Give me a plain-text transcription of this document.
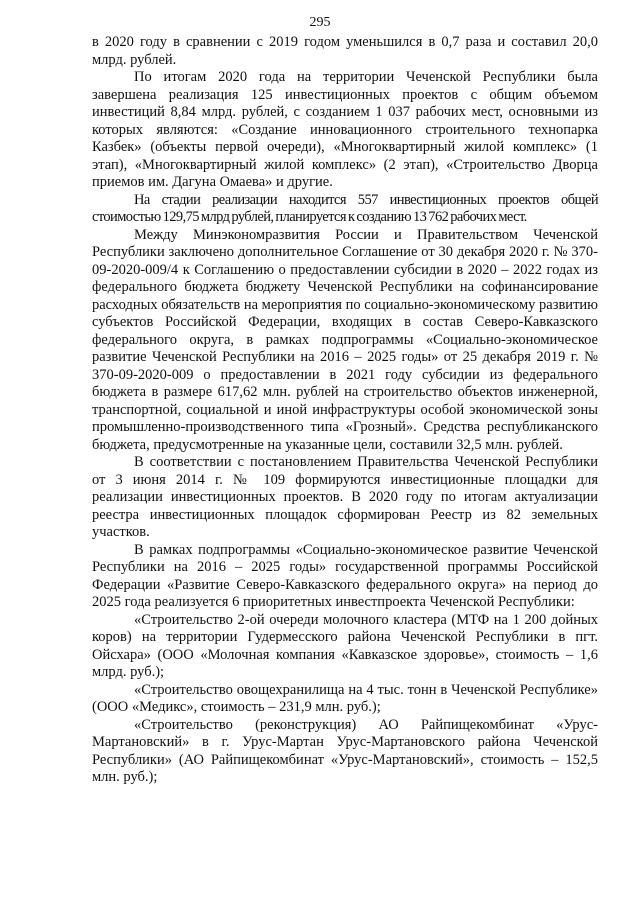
295

в 2020 году в сравнении с 2019 годом уменьшился в 0,7 раза и составил 20,0 млрд. рублей.

По итогам 2020 года на территории Чеченской Республики была завершена реализация 125 инвестиционных проектов с общим объемом инвестиций 8,84 млрд. рублей, с созданием 1 037 рабочих мест, основными из которых являются: «Создание инновационного строительного технопарка Казбек» (объекты первой очереди), «Многоквартирный жилой комплекс» (1 этап), «Многоквартирный жилой комплекс» (2 этап), «Строительство Дворца приемов им. Дагуна Омаева» и другие.

На стадии реализации находится 557 инвестиционных проектов общей стоимостью 129,75 млрд рублей, планируется к созданию 13 762 рабочих мест.

Между Минэкономразвития России и Правительством Чеченской Республики заключено дополнительное Соглашение от 30 декабря 2020 г. № 370-09-2020-009/4 к Соглашению о предоставлении субсидии в 2020 – 2022 годах из федерального бюджета бюджету Чеченской Республики на софинансирование расходных обязательств на мероприятия по социально-экономическому развитию субъектов Российской Федерации, входящих в состав Северо-Кавказского федерального округа, в рамках подпрограммы «Социально-экономическое развитие Чеченской Республики на 2016 – 2025 годы» от 25 декабря 2019 г. № 370-09-2020-009 о предоставлении в 2021 году субсидии из федерального бюджета в размере 617,62 млн. рублей на строительство объектов инженерной, транспортной, социальной и иной инфраструктуры особой экономической зоны промышленно-производственного типа «Грозный». Средства республиканского бюджета, предусмотренные на указанные цели, составили 32,5 млн. рублей.

В соответствии с постановлением Правительства Чеченской Республики от 3 июня 2014 г. № 109 формируются инвестиционные площадки для реализации инвестиционных проектов. В 2020 году по итогам актуализации реестра инвестиционных площадок сформирован Реестр из 82 земельных участков.

В рамках подпрограммы «Социально-экономическое развитие Чеченской Республики на 2016 – 2025 годы» государственной программы Российской Федерации «Развитие Северо-Кавказского федерального округа» на период до 2025 года реализуется 6 приоритетных инвестпроекта Чеченской Республики:

«Строительство 2-ой очереди молочного кластера (МТФ на 1 200 дойных коров) на территории Гудермесского района Чеченской Республики в пгт. Ойсхара» (ООО «Молочная компания «Кавказское здоровье», стоимость – 1,6 млрд. руб.);

«Строительство овощехранилища на 4 тыс. тонн в Чеченской Республике» (ООО «Медикс», стоимость – 231,9 млн. руб.);

«Строительство (реконструкция) АО Райпищекомбинат «Урус-Мартановский» в г. Урус-Мартан Урус-Мартановского района Чеченской Республики» (АО Райпищекомбинат «Урус-Мартановский», стоимость – 152,5 млн. руб.);
